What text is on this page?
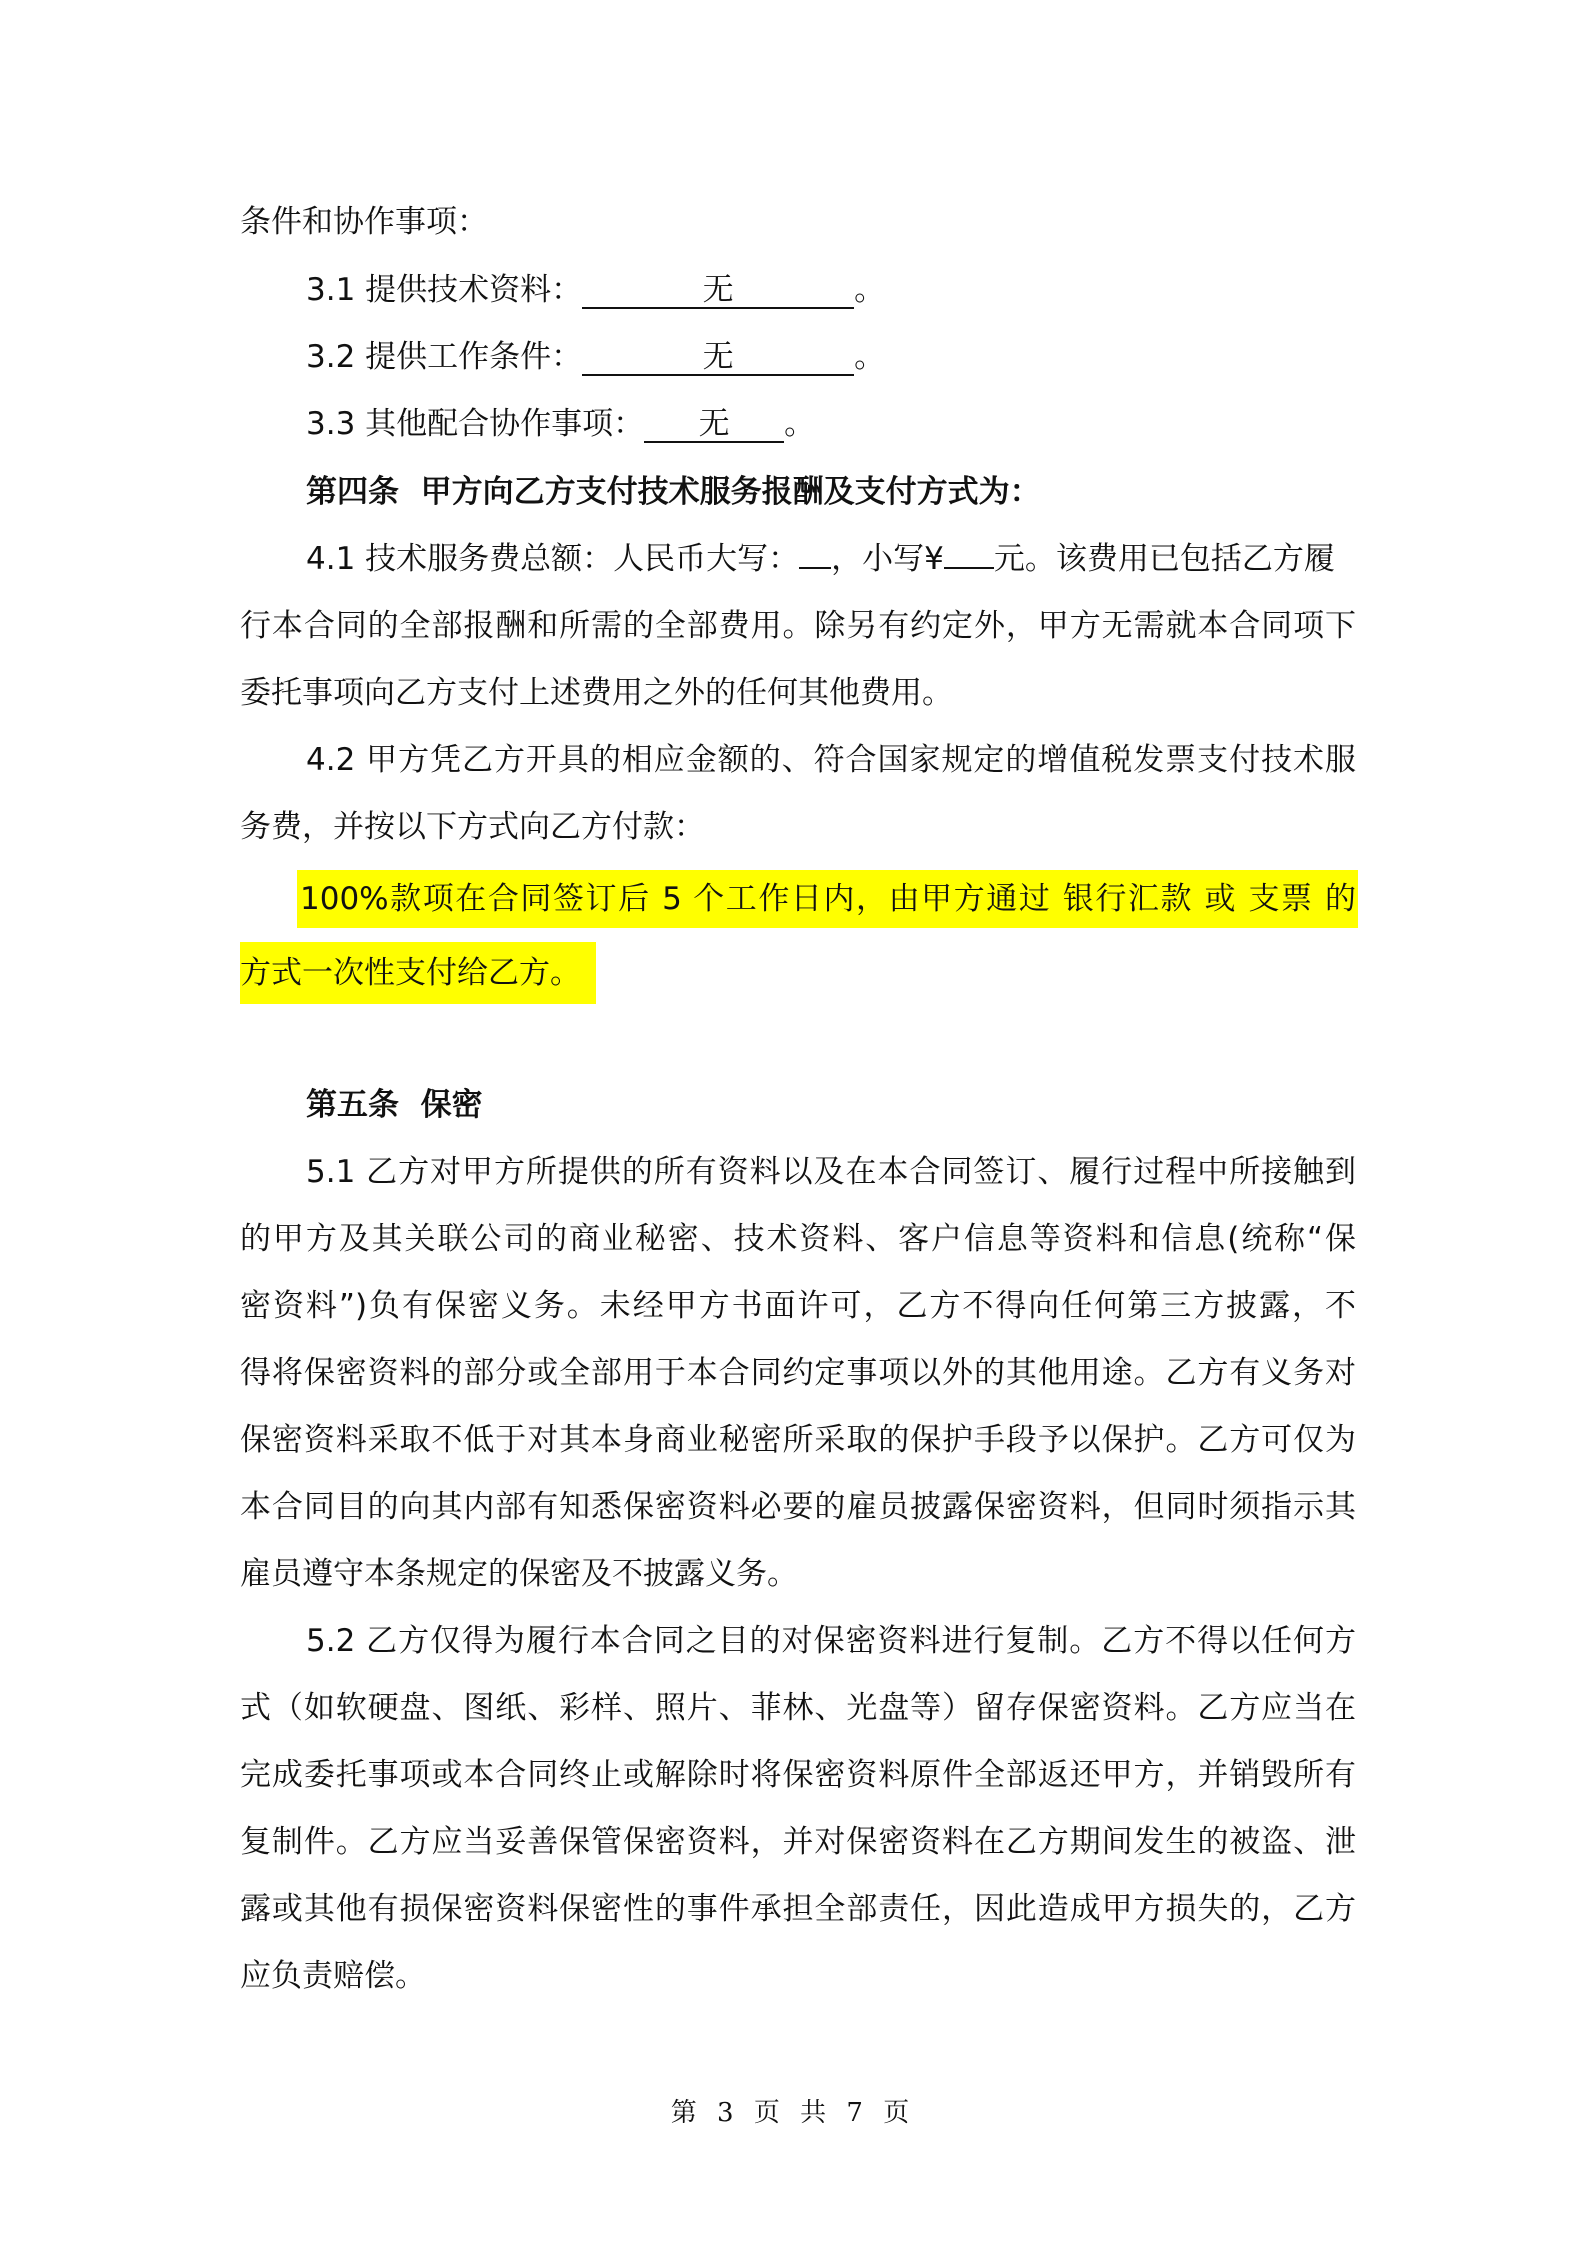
条件和协作事项：
3.1 提供技术资料：	无	。
3.2 提供工作条件：	无	。
3.3 其他配合协作事项： 无 。
第四条 甲方向乙方支付技术服务报酬及支付方式为：
4.1 技术服务费总额：人民币大写： ，小写¥ 元。该费用已包括乙方履
行本合同的全部报酬和所需的全部费用。除另有约定外，甲方无需就本合同项下
委托事项向乙方支付上述费用之外的任何其他费用。
4.2 甲方凭乙方开具的相应金额的、符合国家规定的增值税发票支付技术服
务费，并按以下方式向乙方付款：
100%款项在合同签订后 5 个工作日内，由甲方通过 银行汇款 或 支票 的
方式一次性支付给乙方。
第五条 保密
5.1 乙方对甲方所提供的所有资料以及在本合同签订、履行过程中所接触到
的甲方及其关联公司的商业秘密、技术资料、客户信息等资料和信息(统称“保
密资料”)负有保密义务。未经甲方书面许可，乙方不得向任何第三方披露，不
得将保密资料的部分或全部用于本合同约定事项以外的其他用途。乙方有义务对
保密资料采取不低于对其本身商业秘密所采取的保护手段予以保护。乙方可仅为
本合同目的向其内部有知悉保密资料必要的雇员披露保密资料，但同时须指示其
雇员遵守本条规定的保密及不披露义务。
5.2 乙方仅得为履行本合同之目的对保密资料进行复制。乙方不得以任何方
式（如软硬盘、图纸、彩样、照片、菲林、光盘等）留存保密资料。乙方应当在
完成委托事项或本合同终止或解除时将保密资料原件全部返还甲方，并销毁所有
复制件。乙方应当妥善保管保密资料，并对保密资料在乙方期间发生的被盗、泄
露或其他有损保密资料保密性的事件承担全部责任，因此造成甲方损失的，乙方
应负责赔偿。
第 3 页 共 7 页
